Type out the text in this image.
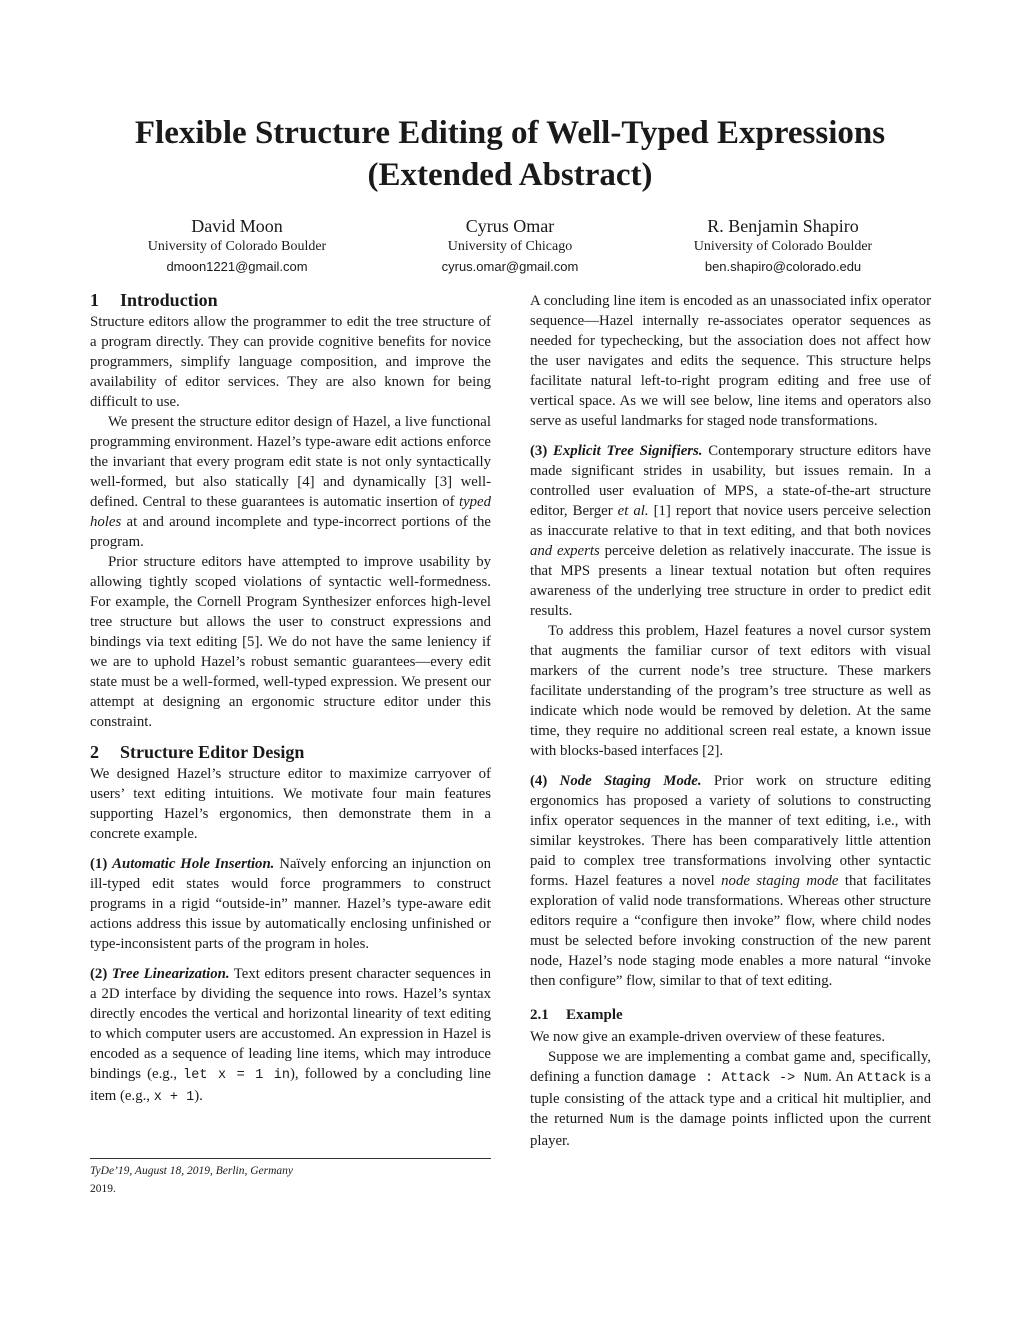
Flexible Structure Editing of Well-Typed Expressions
(Extended Abstract)
David Moon
University of Colorado Boulder
dmoon1221@gmail.com
Cyrus Omar
University of Chicago
cyrus.omar@gmail.com
R. Benjamin Shapiro
University of Colorado Boulder
ben.shapiro@colorado.edu
1 Introduction

Structure editors allow the programmer to edit the tree structure of a program directly. They can provide cognitive benefits for novice programmers, simplify language composition, and improve the availability of editor services. They are also known for being difficult to use.

We present the structure editor design of Hazel, a live functional programming environment. Hazel’s type-aware edit actions enforce the invariant that every program edit state is not only syntactically well-formed, but also statically [4] and dynamically [3] well-defined. Central to these guarantees is automatic insertion of typed holes at and around incomplete and type-incorrect portions of the program.

Prior structure editors have attempted to improve usability by allowing tightly scoped violations of syntactic well-formedness. For example, the Cornell Program Synthesizer enforces high-level tree structure but allows the user to construct expressions and bindings via text editing [5]. We do not have the same leniency if we are to uphold Hazel’s robust semantic guarantees—every edit state must be a well-formed, well-typed expression. We present our attempt at designing an ergonomic structure editor under this constraint.

2 Structure Editor Design

We designed Hazel’s structure editor to maximize carryover of users’ text editing intuitions. We motivate four main features supporting Hazel’s ergonomics, then demonstrate them in a concrete example.

(1) Automatic Hole Insertion. Naïvely enforcing an injunction on ill-typed edit states would force programmers to construct programs in a rigid “outside-in” manner. Hazel’s type-aware edit actions address this issue by automatically enclosing unfinished or type-inconsistent parts of the program in holes.

(2) Tree Linearization. Text editors present character sequences in a 2D interface by dividing the sequence into rows. Hazel’s syntax directly encodes the vertical and horizontal linearity of text editing to which computer users are accustomed. An expression in Hazel is encoded as a sequence of leading line items, which may introduce bindings (e.g., let x = 1 in), followed by a concluding line item (e.g., x + 1).

TyDe’19, August 18, 2019, Berlin, Germany
2019.

A concluding line item is encoded as an unassociated infix operator sequence—Hazel internally re-associates operator sequences as needed for typechecking, but the association does not affect how the user navigates and edits the sequence. This structure helps facilitate natural left-to-right program editing and free use of vertical space. As we will see below, line items and operators also serve as useful landmarks for staged node transformations.

(3) Explicit Tree Signifiers. Contemporary structure editors have made significant strides in usability, but issues remain. In a controlled user evaluation of MPS, a state-of-the-art structure editor, Berger et al. [1] report that novice users perceive selection as inaccurate relative to that in text editing, and that both novices and experts perceive deletion as relatively inaccurate. The issue is that MPS presents a linear textual notation but often requires awareness of the underlying tree structure in order to predict edit results.

To address this problem, Hazel features a novel cursor system that augments the familiar cursor of text editors with visual markers of the current node’s tree structure. These markers facilitate understanding of the program’s tree structure as well as indicate which node would be removed by deletion. At the same time, they require no additional screen real estate, a known issue with blocks-based interfaces [2].

(4) Node Staging Mode. Prior work on structure editing ergonomics has proposed a variety of solutions to constructing infix operator sequences in the manner of text editing, i.e., with similar keystrokes. There has been comparatively little attention paid to complex tree transformations involving other syntactic forms. Hazel features a novel node staging mode that facilitates exploration of valid node transformations. Whereas other structure editors require a “configure then invoke” flow, where child nodes must be selected before invoking construction of the new parent node, Hazel’s node staging mode enables a more natural “invoke then configure” flow, similar to that of text editing.

2.1 Example

We now give an example-driven overview of these features.

Suppose we are implementing a combat game and, specifically, defining a function damage : Attack -> Num. An Attack is a tuple consisting of the attack type and a critical hit multiplier, and the returned Num is the damage points inflicted upon the current player.
